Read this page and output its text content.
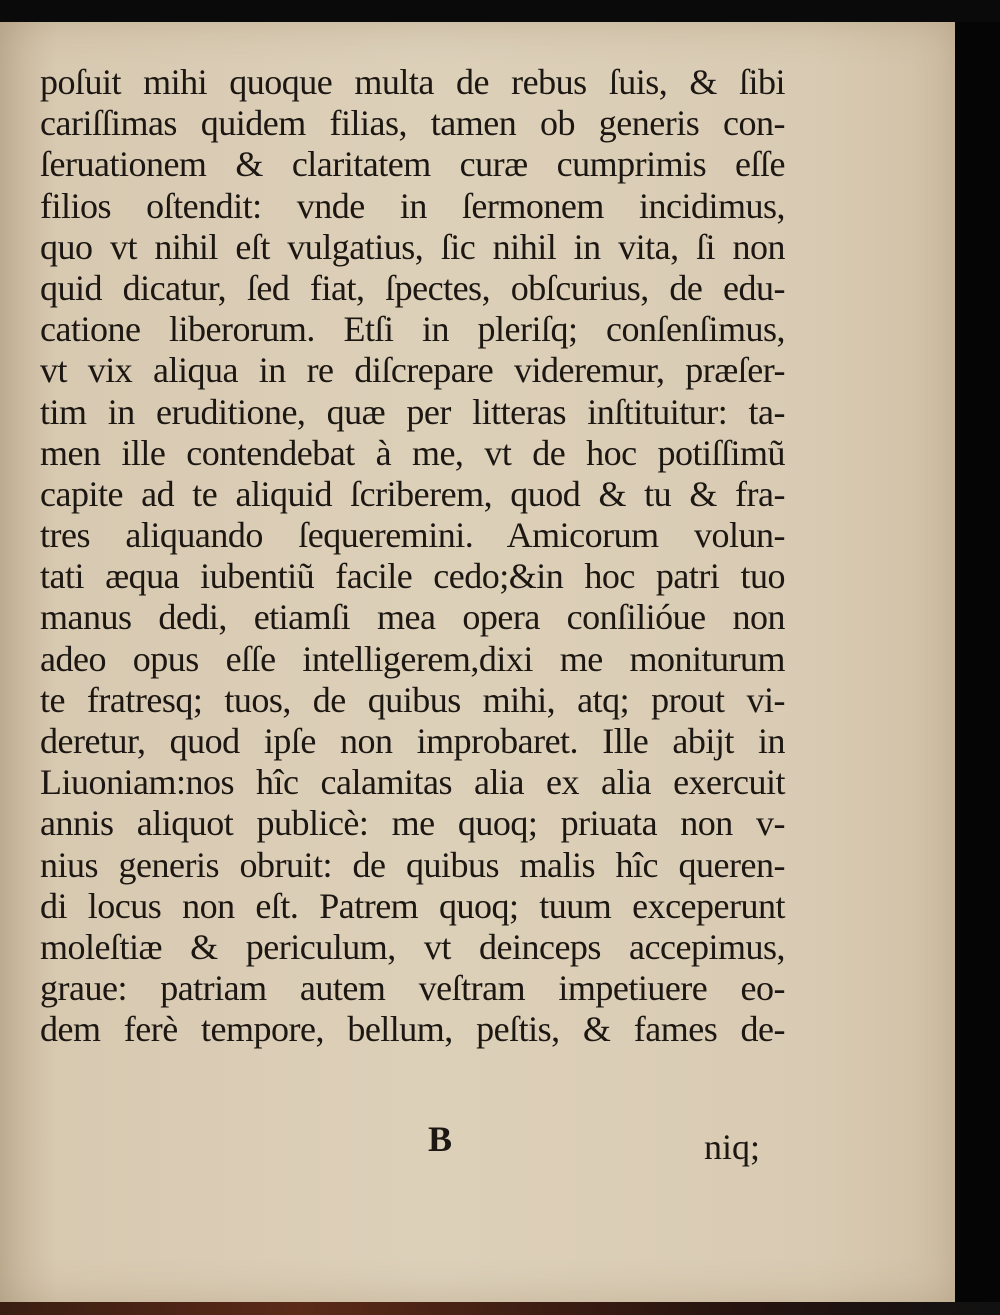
poſuit mihi quoque multa de rebus ſuis, & ſibi
cariſſimas quidem filias, tamen ob generis con-
ſeruationem & claritatem curæ cumprimis eſſe
filios oſtendit: vnde in ſermonem incidimus,
quo vt nihil eſt vulgatius, ſic nihil in vita, ſi non
quid dicatur, ſed fiat, ſpectes, obſcurius, de edu-
catione liberorum. Etſi in pleriſq; conſenſimus,
vt vix aliqua in re diſcrepare videremur, præſer-
tim in eruditione, quæ per litteras inſtituitur: ta-
men ille contendebat à me, vt de hoc potiſſimũ
capite ad te aliquid ſcriberem, quod & tu & fra-
tres aliquando ſequeremini. Amicorum volun-
tati æqua iubentiũ facile cedo;&in hoc patri tuo
manus dedi, etiamſi mea opera conſilióue non
adeo opus eſſe intelligerem,dixi me moniturum
te fratresq; tuos, de quibus mihi, atq; prout vi-
deretur, quod ipſe non improbaret. Ille abijt in
Liuoniam:nos hîc calamitas alia ex alia exercuit
annis aliquot publicè: me quoq; priuata non v-
nius generis obruit: de quibus malis hîc queren-
di locus non eſt. Patrem quoq; tuum exceperunt
moleſtiæ & periculum, vt deinceps accepimus,
graue: patriam autem veſtram impetiuere eo-
dem ferè tempore, bellum, peſtis, & fames de-
B	niq;
